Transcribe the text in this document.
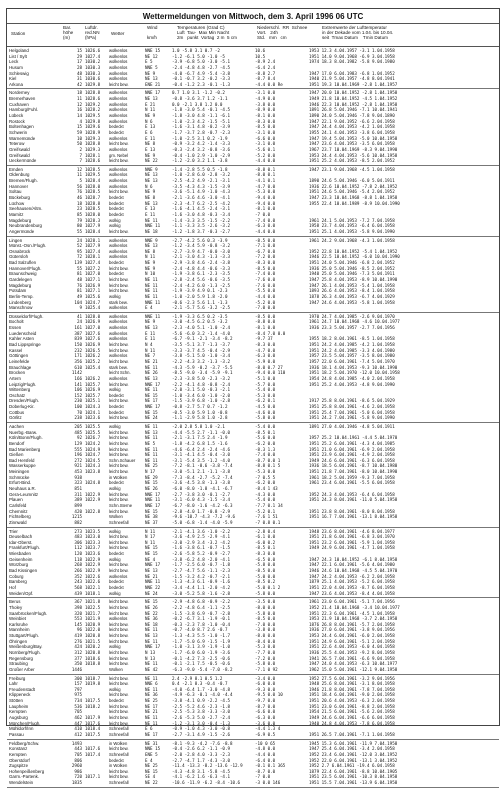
Wettermeldungen von Mittwoch, dem 3. April 1996 06 UTC
Station
Bar.
höhe
(m)
Luftdr.
red.NN
(hPa)
Wetter
Wind

km/h
Temperaturen (Grad C)
Luft  Tau-  Max Min Nacht
2m   punkt  Vortag  2 m  5 cm
Niederschl.  RR  Schnee
Vort.   24h
Std.   mm   cm
Extremwerte der Lufttemperatur
in der Dekade vom 1.04. bis 10.04.
seit  Tmax Datum    Tmin Datum
Helgoland	15 1026.6	wolkenlos	NNE 15	1.0 -5.8 3.1 0.7 -2	10.6	1953 12.3 4.04.1957 -3.1 1.04.1958
List / Sylt	29 1027.4	wolkenlos	NE 12	-1.2 -6.1 5.0 -1.0 -5	10.5	1951 14.0 9.04.1968 -6.9 3.04.1958
Leck	17 1030.2	wolkenlos	E 5	-3.9 -6.8 5.0 -3.0 -5.1	-8.9 2.4	1974 18.3 8.04.1982 -5.8 9.04.1980
Husum	28 1030.3	wolkenlos	NNE 5	-2.4 -4.8 4.8 -2.7 -4.5	-6.4 2.4
Schleswig	48 1030.3	wolkenlos	NE 9	-4.0 -6.7 4.9 -5.4 -3.8	-8.8 2.7	1947 17.0 6.04.1983 -6.8 1.04.1952
Kiel	31 1030.6	wolkenlos	NE 13	-0.1 -0.7 3.2 -0.2 -3.3	-8.7 8.4	1940 21.9 5.04.1957 -4.8 8.04.1941
Arkona	42 1029.8	leicht bew.	ENE 21	-0.4 -1.2 2.3 -0.1 -1.3	-4.4 0.0 Re	1951 19.3 10.04.1969 -2.8 1.04.1957
Norderney	18 1028.8	wolkenlos	NNE 17	0.7 1.0 3.1 -1.2 -0.2	-3.1 0.0	1947 20.0 10.04.1952 -2.8 1.04.1958
Bremerhaven	11 1028.6	wolkenlos	NE 13	-0.8 -3.6 3.7 1.2 -1.1	-4.9 0.0	1949 21.8 10.04.1952 -4.5 1.04.1952
Cuxhaven	12 1029.2	wolkenlos	E 21	0.0 -2.1 3.8 1.2 0.0	-3.8 0.0	1946 22.3 10.04.1952 -2.8 1.04.1958
Hamburg/Fuhl.	16 1028.2	wolkenlos	N 11	-1.8 -3.0 5.4 -0.1 -4.5	-8.9 0.0	1891 26.8 5.04.1946 -7.1 10.04.1941
Lübeck	14 1029.5	wolkenlos	NE 9	-1.8 -3.0 4.8 -1.1 -6.1	-8.1 0.0	1890 24.0 5.04.1946 -7.8 9.04.1890
Rostock	4 1029.8	wolkenlos	N 6	-1.0 -2.3 4.2 -1.5 -5.1	-8.3 0.0	1947 22.1 9.04.1952 -6.6 2.04.1958
Boltenhagen	15 1029.6	bedeckt	E 13	-1.6 -3.1 4.8 -0.2 -3.9	-8.5 0.0	1947 24.4 4.04.1953 -4.2 1.04.1958
Schwerin	59 1028.9	bedeckt	E 6	-1.7 -3.7 2.8 -0.7 -2.3	-3.1 0.0	1955 24.1 4.04.1953 -3.8 6.04.1958
Warnemünde	10 1029.3	wolkenlos	E 11	-1.0 -2.5 3.1 0.2 -1.9	-6.6 0.0	1947 19.4 5.04.1953 -5.0 10.04.1958
Teterow	50 1028.8	leicht bew.	NE 8	-0.9 -3.2 4.2 -1.4 -3.3	-3.1 0.0	1947 23.6 4.04.1953 -3.5 6.04.1958
Greifswald	2 1029.3	wolkenlos	E 13	-0.3 -2.4 3.2 -0.8 -3.6	-5.6 0.1	1967 23.7 10.04.1969 -8.3 9.04.1990
Greifswald	7 1028.1	gm. Nebel	NE 9	-0.4 -1.0 2.9 -1.0 -2.9	-5.2 0.0	1953 24.4 4.04.1953 -5.6 10.04.1958
Ueckermünde	7 1028.6	leicht bew.	NE 22	-1.2 -2.0 3.2 1.1 -3.8	-4.4 0.0	1951 25.2 4.04.1953 -8.5 2.04.1952
Emden	12 1028.5	wolkenlos	NNE 9	-1.4 -2.8 5.5 0.5 -1.8	-8.8 0.1	1947 23.1 9.04.1968 -4.5 1.04.1958
Oldenburg	11 1029.5	wolkenlos	NE 13	-1.0 -2.8 6.0 -2.8 -3.2	-8.0 0.1
Bremen/Flugh.	5 1028.4	wolkenlos	NE 13	-2.5 -4.2 4.9 -2.1 -3.1	-4.1 0.1	1890 24.6 5.04.1946 -6.0 5.04.1911
Hannover	56 1028.0	wolkenlos	N 6	-3.5 -4.3 4.3 -1.5 -3.9	-4.7 0.0	1936 22.6 10.04.1952 -7.8 2.04.1952
Soltau	76 1028.5	leicht bew.	NE 9	-3.6 -5.1 4.9 -1.0 -4.3	-5.3 0.0	1951 24.6 5.04.1946 -5.4 2.04.1952
Bückeburg	46 1028.7	bedeckt	NE 8	-2.1 -3.6 4.6 -3.0 -4.1	-9.4 0.0	1947 23.3 10.04.1968 -8.8 1.04.1958
Lüchow	18 1028.8	bedeckt	NE 13	-2.3 -4.7 6.2 -2.5 -4.2	-9.4 0.0	1955 22.4 10.04.1989 -8.9 10.04.1990
Seehausen/Altm.	23 1028.5	bedeckt	E 13	-1.6 -4.1 4.5 -2.4 -3.1	-8.1 0.0
Marnitz	85 1028.0	bedeckt	E 11	-1.6 -3.0 4.8 -0.3 -3.4	-7 0.0
Magdeburg	79 1028.3	wolkig	NE 11	-1.4 -3.3 3.5 -1.5 -2.2	-7.4 0.0	1961 24.1 5.04.1953 -7.2 7.04.1958
Neubrandenburg	80 1027.9	wolkig	NNE 11	-1.1 -3.3 3.5 -2.6 -3.2	-6.3 0.0	1958 23.7 4.04.1953 -6.4 6.04.1958
Angermünde	55 1028.4	leicht bew.	NE 18	-1.2 -1.8 3.7 -0.3 -2.7	-4.4 0.0	1951 25.1 4.04.1953 -5.8 9.04.1990
Lingen	24 1028.1	wolkenlos	NNE 9	-2.7 -4.2 5.6 0.3 -3.9	-8.5 0.0	1961 24.2 9.04.1968 -4.3 1.04.1958
Münst.-Osn./Flugh.	52 1027.9	wolkenlos	NE 13	-1.2 -3.4 5.9 -0.8 -3.2	-7.1 0.0
Osnabrück	95 1027.4	wolkenlos	NE 8	-2.7 -3.9 4.7 -0.0 -3.0	-6.7 0.0	1952 22.8 10.04.1952 -5.4 1.04.1952
Gütersloh	72 1028.1	wolkenlos	N 11	-2.1 -3.0 4.3 -1.3 -3.3	-7.2 0.0	1946 22.5 10.04.1952 -6.0 10.04.1990
Bad Salzuflen	139 1027.4	bedeckt	NE 9	-2.9 -3.8 4.6 -2.4 -3.8	-8.3 0.0	1951 24.0 5.04.1946 -6.8 2.04.1952
Hannover/Flugh.	55 1027.2	leicht bew.	NE 9	-2.4 -4.8 4.4 -0.6 -3.3	-8.5 0.0	1936 25.0 5.04.1946 -8.5 2.04.1952
Braunschweig	81 1027.0	bedeckt	N 10	-1.9 -3.8 6.1 -2.3 -3.5	-7.4 0.0	1940 25.0 5.04.1946 -7.3 5.04.1911
Gardelegen	48 1027.1	leicht bew.	NE 11	-2.8 -2.4 5.6 -0.6 -3.5	-7.6 0.0	1947 25.8 4.04.1953 -8.9 10.04.1990
Magdeburg	76 1026.9	leicht bew.	NE 11	-2.4 -4.2 6.0 -1.3 -2.5	-7.6 0.0	1947 26.1 4.04.1953 -5.4 1.04.1958
Potsdam	81 1027.1	leicht bew.	NE 11	-1.9 -3.9 4.9 0.1 -2.3	-5.5 0.0	1893 26.6 4.04.1953 -8.4 1.04.1958
Berlin-Temp.	49 1025.6	wolkig	NE 11	-1.0 -2.0 5.9 1.8 -2.0	-4.4 0.0	1878 26.3 4.04.1953 -6.7 4.04.1929
Lindenberg	104 1024.7	stark bew.	NNE 11	-0.6 -2.3 5.6 1.1 -1.3	-5.2 0.0	1947 24.6 4.04.1953 -5.8 1.04.1958
Manschnow	9 1025.4	wolkenlos	E 4	-2.1 -5.7 5.6 -3.2 -2.5	-7.0 0.0
Düsseldorf/Flugh.	41 1028.0	wolkenlos	NNE 11	-1.9 -3.3 6.5 0.2 -3.5	-8.5 0.0	1970 24.7 4.04.1985 -2.6 9.04.1970
Bocholt	24 1026.9	wolkenlos	NE 9	-3.0 -4.5 6.2 0.5 -3.2	-8.8 0.0	1961 24.7 10.04.1968 -4.6 10.04.1977
Essen	161 1027.0	wolkenlos	NE 13	-2.3 -4.0 5.1 -1.0 -2.4	-8.1 0.0	1936 23.3 5.04.1957 -2.7 7.04.1956
Luedenscheid	387 1027.6	wolkenlos	E 11	-5.6 -6.0 3.2 -1.4 -4.0	-8.4 7.0 0.0
Kahler Asten	839 1027.6	wolkenlos	E 11	-6.7 -9.1 -2.1 -3.4 -8.2	-9.7 37	1955 18.2 8.04.1961 -8.5 1.04.1958
Bad Lippspringe	150 1026.9	leicht bew.	N 4	-3.5 -5.1 3.7 -1.3 -3.7	-8.3 0.0	1951 24.2 4.04.1985 -4.2 1.04.1958
Kassel	232 1026.5	leicht bew.	N 11	-3.3 -3.7 4.5 -0.4 -2.9	-4.7 0.0	1951 24.2 4.04.1985 -3.3 4.04.1980
Göttingen	171 1026.2	wolkenlos	NE 7	-3.8 -5.1 5.0 -1.0 -3.4	-6.3 0.0	1957 23.5 5.04.1957 -3.5 8.04.1980
Leinefelde	356 1025.2	leicht bew.	NE 21	-2.2 -4.3 3.2 -1.3 -3.2	-5.9 0.0	1957 22.0 6.04.1961 -7.4 5.04.1970
Brauchlage	610 1025.4	stark bew.	NE 11	-4.3 -5.9 -0.2 -3.7 -5.5	-8.0 0.7 27	1936 18.1 4.04.1953 -9.3 10.04.1990
Brocken	1142	leicht Schn.	NE 26	-8.5 -9.0 -3.4 -5.9 -9.1	-9.4 0.0 110	1951 18.2 5.04.1970 -12.0 10.04.1958
Artern	166 1026.2	wolkenlos	NE 13	-2.3 -3.8 5.0 -2.3 -3.2	-5.1 0.0	1954 24.8 4.04.1985 -4.0 2.04.1958
Leipzig/Flugh.	141 1025.7	leicht bew.	NNE 17	-2.2 -4.1 4.8 -0.8 -2.4	-5.7 0.0	1951 25.2 4.04.1953 -4.8 9.04.1990
Wittenberg	106 1026.9	wolkig	NE 11	-2.0 -3.1 5.0 -0.3 -2.1	-5.4 0.0
Oschatz	152 1025.7	bedeckt	NE 15	-1.0 -3.4 6.0 -1.0 -2.0	-5.3 0.0
Dresden/Flugh.	230 1025.1	leicht bew.	NE 17	-1.5 -3.9 6.8 -1.0 -2.8	-6.2 0.1	1917 25.8 8.04.1961 -8.6 5.04.1929
Doberlug-Kir.	100 1024.3	bedeckt	NNE 17	-0.8 -2.7 5.7 0.7 -1.2	-4.5 0.0	1951 25.8 8.04.1961 -4.6 2.04.1958
Cottbus	70 1024.1	bedeckt	NE 15	-0.5 -3.0 5.9 1.0 -0.8	-4.6 0.0	1951 25.4 7.04.1961 -5.0 6.04.1958
Görlitz	238 1023.6	leicht bew.	NE 24	-1.1 -2.9 5.8 1.0 -2.8	-5.8 0.0	1951 24.2 7.04.1961 -5.8 9.04.1990
Aachen	205 1025.5	wolkig	NE 11	-2.0 2.8 5.8 1.0 -2.1	-5.4 0.0	1891 27.0 4.04.1946 -4.8 5.04.1911
Nuerbg.-Barw.	485 1025.5	leicht bew.	NE 13	-4.4 -5.5 2.7 -1.1 -0.0	-8.5 0.1
Köln/Bonn/Flugh.	92 1026.7	leicht bew.	NE 11	-2.1 -3.1 7.5 2.4 -1.9	-5.6 0.0	1957 25.2 10.04.1961 -4.4 5.04.1970
Bendorf	129 1024.2	leicht bew.	NE 5	-1.8 -4.2 6.8 1.5 -1.6	-6.2 0.0	1951 25.2 6.04.1961 -4.3 4.04.1985
Bad Marienberg	555 1024.9	leicht bew.	NE 11	-4.6 -6.4 2.4 -2.4 -4.6	-8.3 1.3	1951 21.0 6.04.1961 -6.9 2.04.1958
Gießen	196 1024.7	leicht bew.	NE 11	-3.1 -4.1 4.5 -0.4 -3.0	-7.4 0.0	1951 23.9 6.04.1961 -4.9 2.04.1958
Bad Hersfeld	272 1024.5	Schn.Schauer	NE 11	-3.1 -5.4 3.5 -1.2 -4.0	-8.7 0.0 1	1949 24.6 6.04.1961 -6.3 6.04.1958
Wasserkuppe	921 1024.3	leicht bew.	NE 25	-7.2 -8.1 -0.6 -3.8 -7.4	-8.8 0.1 5	1936 18.5 6.04.1961 -8.7 10.04.1980
Meiningen	453 1023.8	leicht bew.	N 17	-3.0 -5.1 2.1 -1.1 -3.8	-5.3 0.0	1951 21.8 7.04.1961 -8.0 10.04.1990
Schmücke	938	in Wolken	NE 29	-7.3 -8.4 -2.7 -5.2 -7.4	-7 0.5 5	1961 18.2 5.04.1959 -9.3 7.04.1958
Erfurt-Bind.	323 1024.8	bedeckt	NE 15	-3.6 -4.5 3.8 -1.3 -3.8	-6.2 0.0	1961 23.4 6.04.1961 -5.5 6.04.1958
Neuhaus a.R.	851	wolkig	NE 26	-6.0 -8.0 -1.8 -4.1 -6.7	-8.4 1 43
Gera-Leumnitz	311 1022.9	leicht bew.	NNE 17	-2.7 -3.8 3.0 -0.1 -2.7	-4.3 0.0	1952 24.3 4.04.1953 -6.4 6.04.1958
Plauen	389 1022.9	leicht bew.	NNE 11	-3.1 -6.0 4.3 -1.5 -3.4	-5.4 0.0	1951 24.3 8.04.1961 -11.0 5.04.1958
Carlsfeld	899	Schn.Sterne	NNE 17	-6.7 -8.0 -1.6 -4.2 -6.3	-7.7 0.1 34
Chemnitz	420 1022.8	leicht bew.	NE 15	-2.8 -4.0 1.7 -0.8 -2.9	-5.2 0.1	1951 23.8 8.04.1961 -8.0 8.04.1958
Fichtelberg	1215	Wolken	NE 38	-9.6 -10.7 -4.3 -7.2 -9.6	-7.6 1 51	1951 16.7 7.04.1961 -13.1 8.04.1958
Zinnwald	882	Schneefall	NE 37	-5.0 -6.8 -1.4 -4.0 -5.9	-7 0.8 0.1
Trier	273 1023.5	wolkig	N 11	-2.1 -4.1 3.6 -1.0 -2.2	-2.8 0.4	1948 23.6 8.04.1961 -4.6 8.04.1977
Deuselbach	483 1023.0	leicht bew.	N 17	-3.6 -4.9 2.5 -2.9 -4.1	-6.1 0.0	1951 21.8 6.04.1961 -6.8 3.04.1970
Idar-Oberst.	306 1023.3	leicht bew.	N 11	-3.0 -2.9 3.4 -3.2 -4.2	-6.0 0.2	1951 23.2 6.04.1961 -5.9 1.04.1958
Frankfurt/Flugh.	112 1023.7	leicht bew.	NE 15	-1.6 -3.8 6.1 -0.7 -1.5	-8.5 0.1	1949 24.9 6.04.1961 -4.7 1.04.1958
Wiesbaden	120 1023.6	bedeckt	NE 15	-2.6 -5.8 5.2 -0.9 -2.7	-8.3 0.0
Geisenheim	118 1022.9	wolkig	NE 4	-3.8 -6.2 4.8 -2.0 -4.1	-6.5 0.0	1947 24.3 10.04.1952 -6.1 8.04.1958
Würzburg	268 1022.9	leicht bew.	NNE 17	-1.7 -2.5 6.0 -0.7 -1.8	-5.8 0.0	1947 22.1 6.04.1961 -5.6 4.04.1980
Bad Kissingen	266 1022.9	leicht bew.	NE 13	-2.7 -4.7 5.6 -1.1 -2.3	-8.5 0.0	1946 24.6 10.04.1968 -4.5 5.04.1970
Coburg	352 1022.6	wolkenlos	NE 21	-1.5 -3.2 4.2 -0.7 -2.1	-5.0 0.0	1947 24.2 4.04.1953 -6.2 2.04.1958
Bamberg	243 1022.6	bedeckt	NNE 11	-1.3 -4.3 6.1 -0.9 -1.6	-8.5 0.2	1879 25.1 4.04.1953 -5.2 6.04.1958
Hof	568 1022.1	bedeckt	NNE 22	-3.4 -4.4 1.1 -2.0 -4.2	-5.0 0.1 2	1951 22.0 4.04.1953 -8.7 6.04.1958
Weiden/Opf.	439 1018.1	wolkig	NE 24	-3.0 -5.2 5.8 -1.6 -2.8	-5.8 0.0	1947 23.6 4.04.1953 -8.4 4.04.1958
Berus	367 1021.8	leicht bew.	NE 15	-2.9 -4.8 6.8 -0.9 -2.2	-3.5 0.0	1961 23.0 6.04.1961 -5.1 7.04.1956
Tholey	398 1022.5	leicht bew.	NE 26	-2.2 -4.8 6.4 -1.1 -2.5	-8.0 0.0	1952 21.4 10.04.1968 -3.4 10.04.1977
Saarbrücken/Flugh.	320 1021.7	leicht bew.	NE 22	-1.5 -3.8 6.9 -0.7 -2.8	-5.8 0.0	1951 22.3 6.04.1961 -4.5 1.04.1958
Weinbiet	553 1021.9	wolkenlos	NE 36	-0.2 -6.7 3.1 -1.9 -0.1	-8.5 0.0	1953 21.9 10.04.1968 -3.7 2.04.1958
Karlsruhe	145 1020.9	leicht bew.	NE 18	-0.3 -2.3 7.8 -1.0 -0.4	-7.0 0.0	1876 26.8 8.04.1961 -5.7 2.04.1958
Mannheim	96 1022.0	leicht bew.	NE 11	-0.7 -4.0 8.7 2.6 -0.7	-3.8 0.0	1936 27.0 6.04.1961 -3.8 9.04.1956
Stuttgart/Flugh.	419 1020.8	leicht bew.	NE 13	-1.3 -4.3 5.5 -1.0 -1.7	-8.0 0.0	1953 24.4 6.04.1961 -6.0 2.04.1958
Öhringen	276 1021.5	leicht bew.	NE 11	-1.7 -5.0 6.9 -1.5 -1.9	-8.4 0.0	1951 24.9 6.04.1961 -5.1 2.04.1958
Weißenburg/Bay.	424 1020.2	wolkig	NNE 17	-1.0 -3.1 3.9 -1.9 -1.0	-5.3 0.0	1951 22.6 4.04.1953 -6.0 4.04.1958
Nürnberg/Flugh.	312 1020.8	leicht bew.	N 13	-1.7 -6.0 6.0 -1.9 -3.6	-7.7 0.0	1936 25.5 4.04.1953 -9.2 8.04.1958
Regensburg	377 1018.6	leicht bew.	N 13	-0.1 -4.2 7.3 -2.5 -0.6	-7.2 0.0	1941 26.5 7.04.1961 -6.6 9.04.1958
Straubing	350 1018.8	leicht bew.	NE 11	-0.1 -2.1 7.5 -0.5 -0.6	-5.8 0.0	1947 24.0 4.04.1953 -6.3 10.04.1977
Großer Arber	1446	Wolken	NE 42	-6.3 -9.0 -5.4 -7.0 -8.2	-7.1 0 92	1962 15.0 5.04.1961 -12.1 9.04.1958
Freiburg	300 1018.7	leicht bew.	NE 11	2.4 -2.9 8.1 0.5 1.2	-3.4 0.0	1952 27.5 6.04.1961 -3.2 9.04.1956
Lahr	157 1019.8	leicht bew.	NNE 6	0.4 -2.1 8.3 -0.4 -0.7	-6.0 0.0	1948 25.6 8.04.1961 -3.1 8.04.1958
Freudenstadt	797	wolkig	NE 11	-4.0 -6.4 1.7 -3.0 -4.8	-9.3 0.0	1946 21.8 8.04.1961 -7.8 7.04.1958
Klippeneck	975	leicht bew.	NE 36	-4.9 -6.3 -0.1 -4.0 -4.4	-9.5 0.0 10	1951 18.4 6.04.1961 -9.0 2.04.1958
Stötten	734 1017.5	bedeckt	NE 25	-3.8 -4.1 0.9 -2.2 -4.5	-9.7 0.0	1951 20.6 4.04.1953 -6.3 2.04.1958
Laupheim	536 1018.2	leicht bew.	NE 17	-2.5 -5.2 4.6 -2.3 -1.8	-8.7 0.0	1951 23.0 6.04.1961 -8.8 2.04.1958
Kempten	705	leicht bew.	NE 21	-2.5 -5.3 3.8 -3.3 -3.0	-6.6 0.0	1954 21.5 6.04.1961 -5.6 2.04.1958
Augsburg	462 1017.9	leicht bew.	NE 11	-2.6 -5.3 5.0 -2.7 -2.4	-6.3 0.0	1949 24.6 6.04.1961 -6.6 6.04.1958
München/Flugh.	447 1017.6	leicht bew.	NE 11	-1.2 -3.1 3.0 -0.4 -1.3	-3.6 0.0	1940 24.8 4.04.1953 -7.8 6.04.1958
Mühldorf/Inn	410 1018.4	Schneefall	E 6	-0.9 -1.0 4.3 -3.0 -0.8	-4.4 1.3 4
Passau	412 1017.5	Schneefall	NE 17	-2.7 -3.1 4.9 -1.5 -2.6	-6.9 0.5	1951 26.5 7.04.1961 -7.1 1.04.1958
Feldberg/Schw.	1493	in Wolken	NE 31	-8.1 -9.3 -4.2 -7.6 -8.8	-10 0 65	1945 15.3 6.04.1961 -11.9 7.04.1958
Konstanz	443 1017.6	leicht bew.	NNE 15	-0.4 -2.6 6.2 -1.1 -0.9	-4.8 0.0	1947 25.4 6.04.1961 -3.4 2.04.1958
Kempten	705 1017.4	Schneefall	ENE 5	-2.0 -2.8 4.0 -3.3 -2.3	-4.4 0.0	1952 23.4 6.04.1961 -12.0 3.04.1952
Oberstdorf	806	bedeckt	E 4	-2.7 -4.7 1.7 -4.3 -3.0	-6.4 0.0	1952 22.0 6.04.1961 -13.1 3.04.1952
Zugspitze	2960	in Wolken	NE 25	-11.4 -13.3 -8.2 -13.6 -12.9	-0.1 0.1 365	1952 2.7 6.04.1961 -19.4 6.04.1958
Hohenpeißenberg	986	leicht bew.	NE 15	-4.3 -4.8 3.1 -5.8 -4.5	-8.7 0.0	1879 22.4 6.04.1961 -8.8 10.04.1905
Garm.-Partenk.	720 1017.1	leicht bew.	SE 4	-4.1 -6.2 1.6 -6.3 -4.1	-7 0.0	1951 23.5 6.04.1961 -10.3 8.04.1958
Wendelstein	1835	Schneefall	NE 22	-10.6 -11.9 -6.2 -8.4 -10.6	-3 0.0 146	1951 15.5 7.04.1961 -13.9 6.04.1958
